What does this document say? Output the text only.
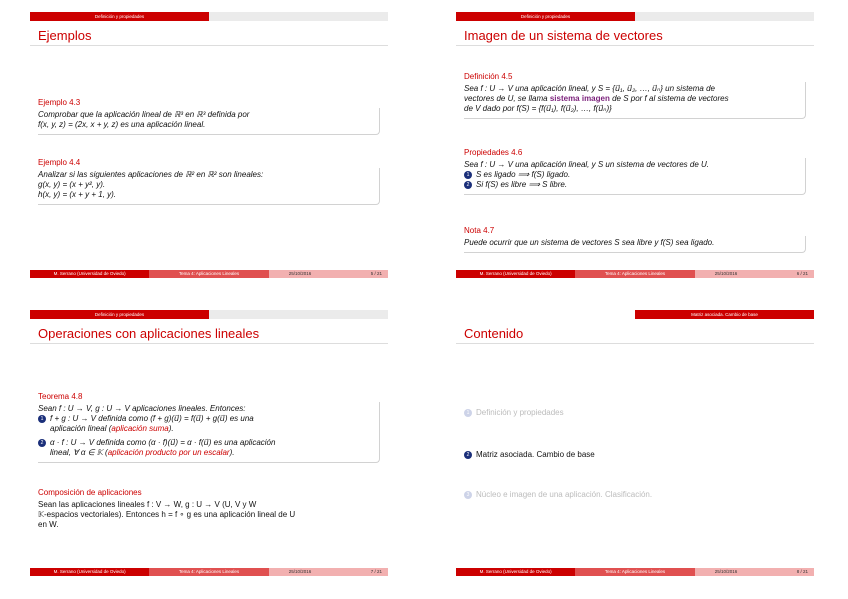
Definición y propiedades
Ejemplos
Ejemplo 4.3
Comprobar que la aplicación lineal de ℝ³ en ℝ³ definida por
f(x, y, z) = (2x, x + y, z) es una aplicación lineal.
Ejemplo 4.4
Analizar si las siguientes aplicaciones de ℝ² en ℝ² son lineales:
g(x, y) = (x + y², y).
h(x, y) = (x + y + 1, y).
M. Serrano (Universidad de Oviedo)	Tema 4: Aplicaciones Lineales	25/10/2016	5 / 21
Definición y propiedades
Imagen de un sistema de vectores
Definición 4.5
Sea f : U → V una aplicación lineal, y S = {u⃗₁, u⃗₂, …, u⃗ₙ} un sistema de
vectores de U, se llama sistema imagen de S por f al sistema de vectores
de V dado por f(S) = {f(u⃗₁), f(u⃗₂), …, f(u⃗ₙ)}
Propiedades 4.6
Sea f : U → V una aplicación lineal, y S un sistema de vectores de U.
1 S es ligado ⟹ f(S) ligado.
2 Si f(S) es libre ⟹ S libre.
Nota 4.7
Puede ocurrir que un sistema de vectores S sea libre y f(S) sea ligado.
M. Serrano (Universidad de Oviedo)	Tema 4: Aplicaciones Lineales	25/10/2016	6 / 21
Definición y propiedades
Operaciones con aplicaciones lineales
Teorema 4.8
Sean f : U → V, g : U → V aplicaciones lineales. Entonces:
1 f + g : U → V definida como (f + g)(u⃗) = f(u⃗) + g(u⃗) es una
aplicación lineal (aplicación suma).
2 α · f : U → V definida como (α · f)(u⃗) = α · f(u⃗) es una aplicación
lineal, ∀ α ∈ 𝕂 (aplicación producto por un escalar).
Composición de aplicaciones
Sean las aplicaciones lineales f : V → W, g : U → V (U, V y W
𝕂-espacios vectoriales). Entonces h = f ∘ g es una aplicación lineal de U
en W.
M. Serrano (Universidad de Oviedo)	Tema 4: Aplicaciones Lineales	25/10/2016	7 / 21
Matriz asociada. Cambio de base
Contenido
1 Definición y propiedades
2 Matriz asociada. Cambio de base
3 Núcleo e imagen de una aplicación. Clasificación.
M. Serrano (Universidad de Oviedo)	Tema 4: Aplicaciones Lineales	25/10/2016	8 / 21
